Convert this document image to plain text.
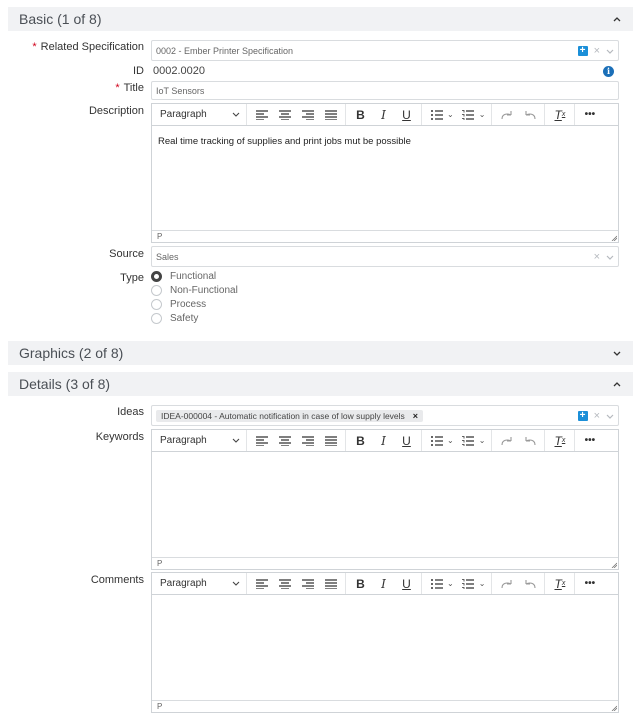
Basic (1 of 8)
* Related Specification 0002 - Ember Printer Specification	+ ×
ID 0002.0020	i
* Title IoT Sensors
Description Paragraph	B	I	U	⌄	⌄	T x	•••
Real time tracking of supplies and print jobs mut be possible
P
Source Sales	×
Type	Functional
Non-Functional
Process
Safety
Graphics (2 of 8)
Details (3 of 8)
Ideas IDEA-000004 - Automatic notification in case of low supply levels ×	+ ×
Keywords Paragraph	B	I	U	⌄	⌄	T x	•••
P
Comments Paragraph	B	I	U	⌄	⌄	T x	•••
P
